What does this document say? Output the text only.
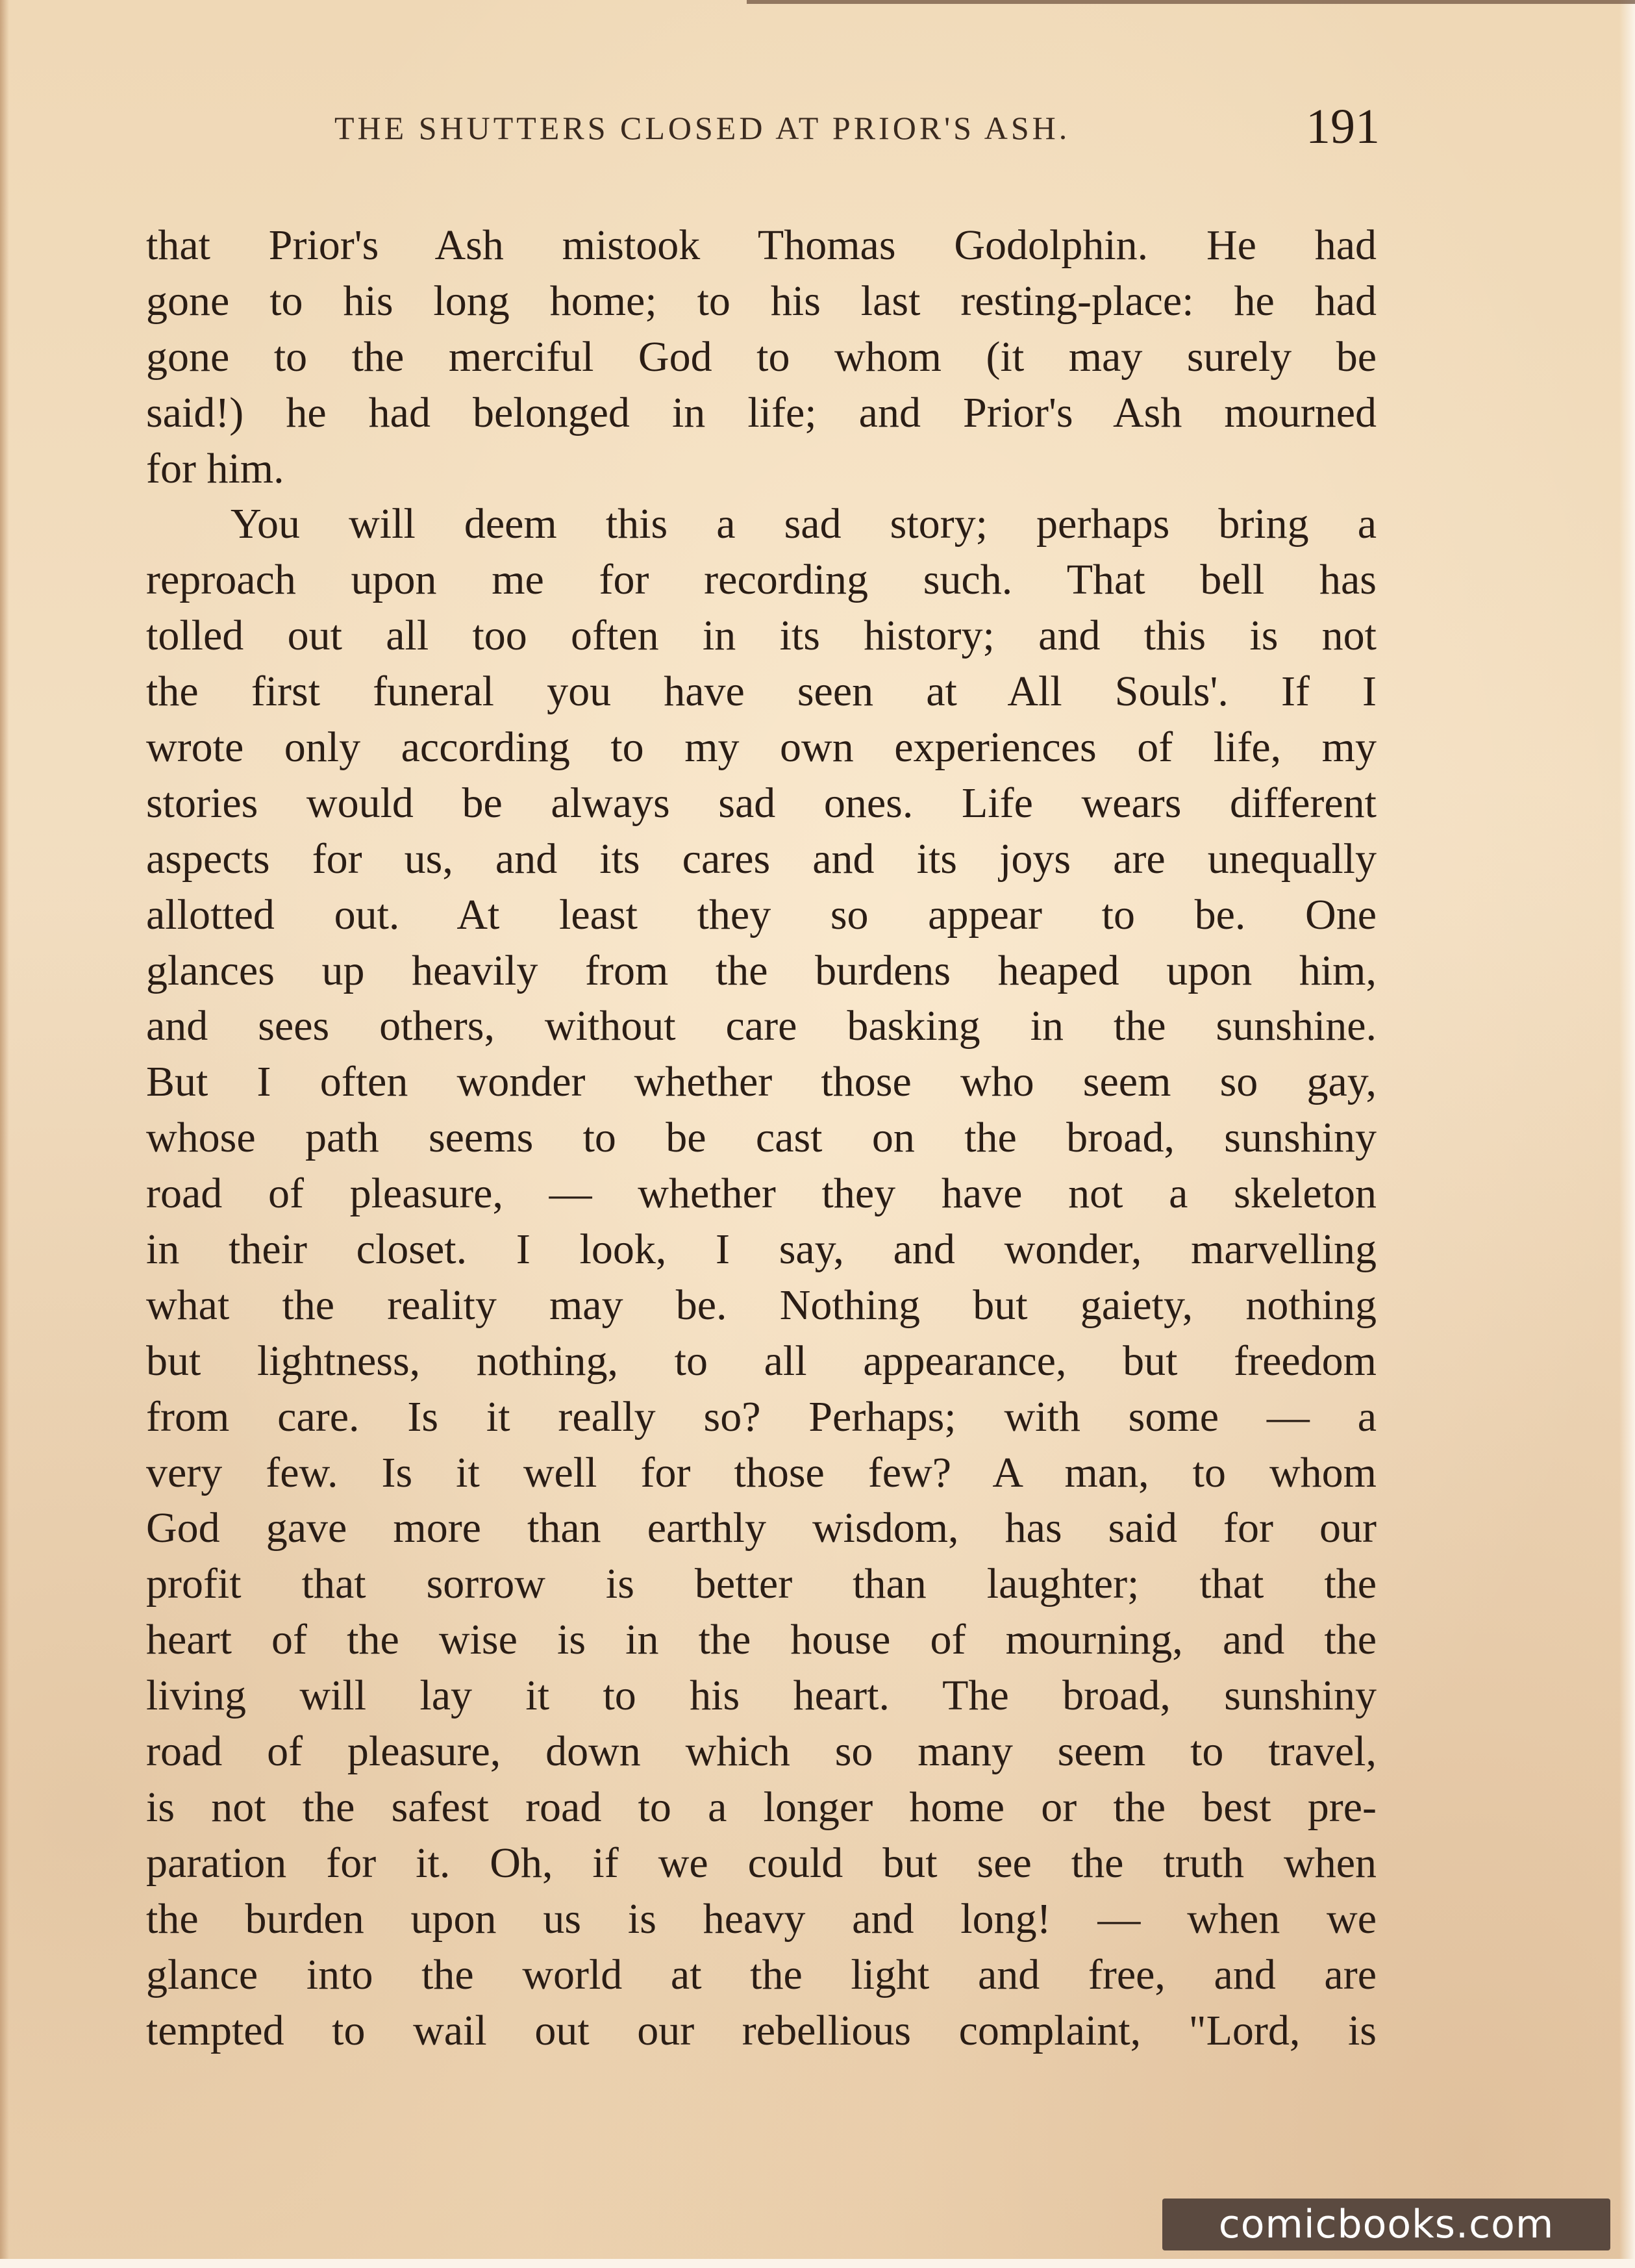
THE SHUTTERS CLOSED AT PRIOR'S ASH.	191
that Prior's Ash mistook Thomas Godolphin. He had
gone to his long home; to his last resting-place: he had
gone to the merciful God to whom (it may surely be
said!) he had belonged in life; and Prior's Ash mourned
for him.
You will deem this a sad story; perhaps bring a
reproach upon me for recording such. That bell has
tolled out all too often in its history; and this is not
the first funeral you have seen at All Souls'. If I
wrote only according to my own experiences of life, my
stories would be always sad ones. Life wears different
aspects for us, and its cares and its joys are unequally
allotted out. At least they so appear to be. One
glances up heavily from the burdens heaped upon him,
and sees others, without care basking in the sunshine.
But I often wonder whether those who seem so gay,
whose path seems to be cast on the broad, sunshiny
road of pleasure, — whether they have not a skeleton
in their closet. I look, I say, and wonder, marvelling
what the reality may be. Nothing but gaiety, nothing
but lightness, nothing, to all appearance, but freedom
from care. Is it really so? Perhaps; with some — a
very few. Is it well for those few? A man, to whom
God gave more than earthly wisdom, has said for our
profit that sorrow is better than laughter; that the
heart of the wise is in the house of mourning, and the
living will lay it to his heart. The broad, sunshiny
road of pleasure, down which so many seem to travel,
is not the safest road to a longer home or the best pre-
paration for it. Oh, if we could but see the truth when
the burden upon us is heavy and long! — when we
glance into the world at the light and free, and are
tempted to wail out our rebellious complaint, "Lord, is
comicbooks.com
